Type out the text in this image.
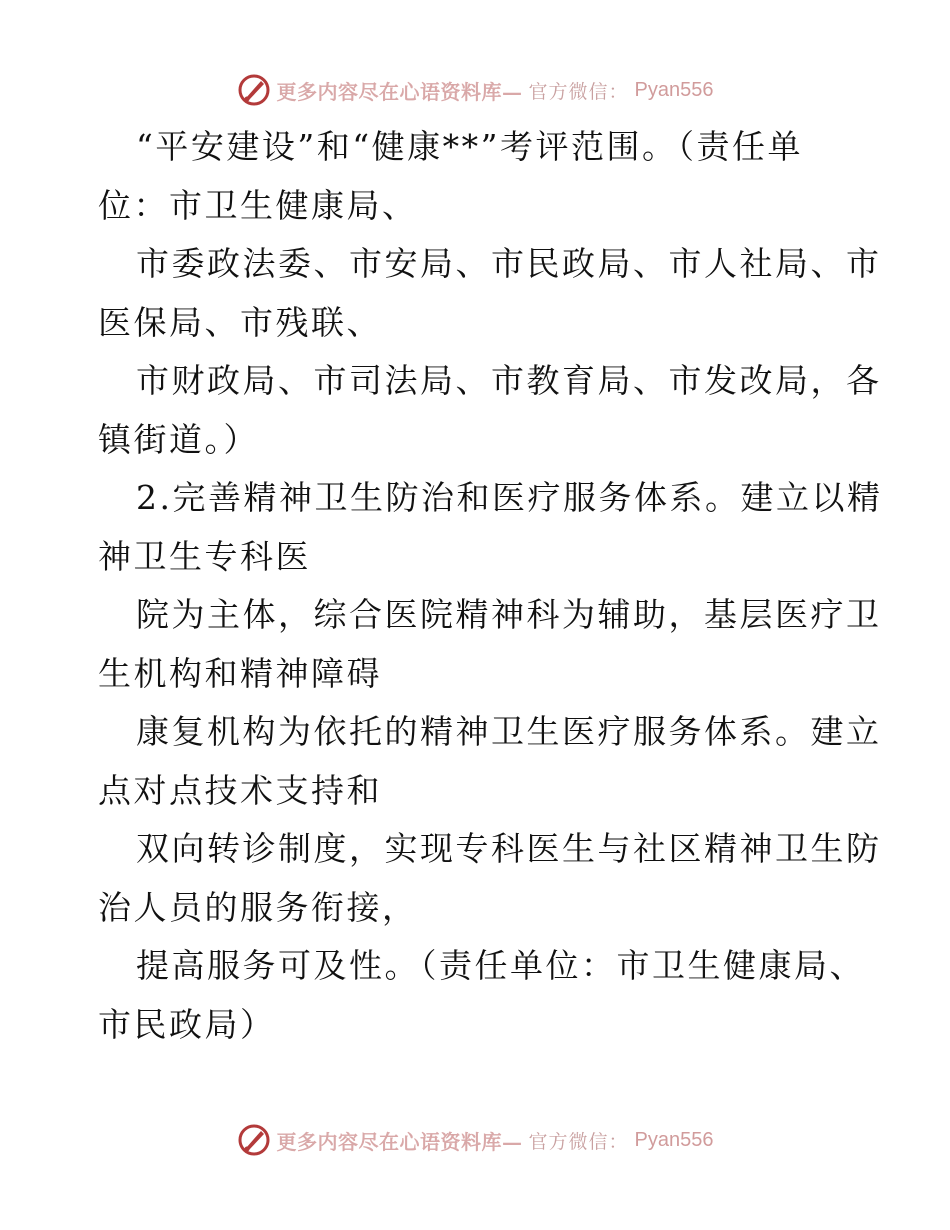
更多内容尽在心语资料库— 官方微信： Pyan556
“平安建设”和“健康**”考评范围。（责任单
位：市卫生健康局、
市委政法委、市安局、市民政局、市人社局、市
医保局、市残联、
市财政局、市司法局、市教育局、市发改局，各
镇街道。）
2.完善精神卫生防治和医疗服务体系。建立以精
神卫生专科医
院为主体，综合医院精神科为辅助，基层医疗卫
生机构和精神障碍
康复机构为依托的精神卫生医疗服务体系。建立
点对点技术支持和
双向转诊制度，实现专科医生与社区精神卫生防
治人员的服务衔接，
提高服务可及性。（责任单位：市卫生健康局、
市民政局）
更多内容尽在心语资料库— 官方微信： Pyan556
